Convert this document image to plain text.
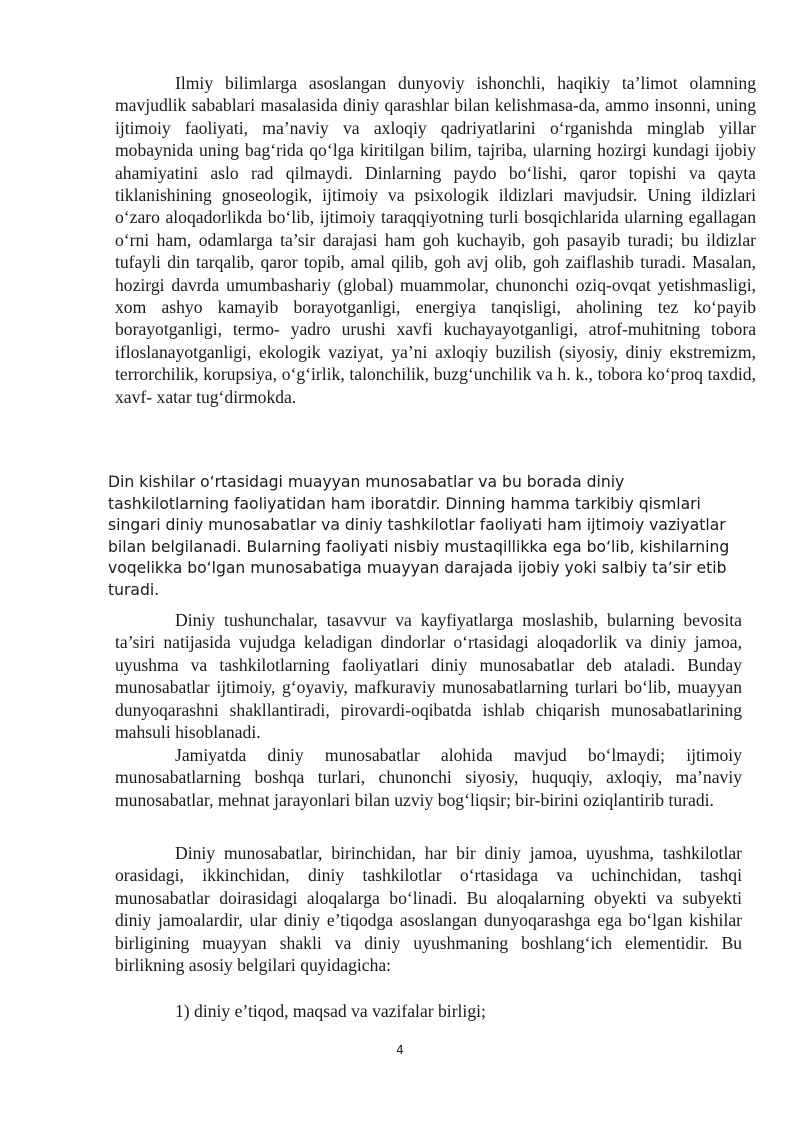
Ilmiy bilimlarga asoslangan dunyoviy ishonchli, haqikiy ta’limot olamning mavjudlik sabablari masalasida diniy qarashlar bilan kelishmasa-da, ammo insonni, uning ijtimoiy faoliyati, ma’naviy va axloqiy qadriyatlarini o‘rganishda minglab yillar mobaynida uning bag‘rida qo‘lga kiritilgan bilim, tajriba, ularning hozirgi kundagi ijobiy ahamiyatini aslo rad qilmaydi. Dinlarning paydo bo‘lishi, qaror topishi va qayta tiklanishining gnoseologik, ijtimoiy va psixologik ildizlari mavjudsir. Uning ildizlari o‘zaro aloqadorlikda bo‘lib, ijtimoiy taraqqiyotning turli bosqichlarida ularning egallagan o‘rni ham, odamlarga ta’sir darajasi ham goh kuchayib, goh pasayib turadi; bu ildizlar tufayli din tarqalib, qaror topib, amal qilib, goh avj olib, goh zaiflashib turadi. Masalan, hozirgi davrda umumbashariy (global) muammolar, chunonchi oziq-ovqat yetishmasligi, xom ashyo kamayib borayotganligi, energiya tanqisligi, aholining tez ko‘payib borayotganligi, termo- yadro urushi xavfi kuchayayotganligi, atrof-muhitning tobora ifloslanayotganligi, ekologik vaziyat, ya’ni axloqiy buzilish (siyosiy, diniy ekstremizm, terrorchilik, korupsiya, o‘g‘irlik, talonchilik, buzg‘unchilik va h. k., tobora ko‘proq taxdid, xavf- xatar tug‘dirmokda.

Din kishilar o‘rtasidagi muayyan munosabatlar va bu borada diniy tashkilotlarning faoliyatidan ham iboratdir. Dinning hamma tarkibiy qismlari singari diniy munosabatlar va diniy tashkilotlar faoliyati ham ijtimoiy vaziyatlar bilan belgilanadi. Bularning faoliyati nisbiy mustaqillikka ega bo‘lib, kishilarning voqelikka bo‘lgan munosabatiga muayyan darajada ijobiy yoki salbiy ta’sir etib turadi.

Diniy tushunchalar, tasavvur va kayfiyatlarga moslashib, bularning bevosita ta’siri natijasida vujudga keladigan dindorlar o‘rtasidagi aloqadorlik va diniy jamoa, uyushma va tashkilotlarning faoliyatlari diniy munosabatlar deb ataladi. Bunday munosabatlar ijtimoiy, g‘oyaviy, mafkuraviy munosabatlarning turlari bo‘lib, muayyan dunyoqarashni shakllantiradi, pirovardi-oqibatda ishlab chiqarish munosabatlarining mahsuli hisoblanadi.

Jamiyatda diniy munosabatlar alohida mavjud bo‘lmaydi; ijtimoiy munosabatlarning boshqa turlari, chunonchi siyosiy, huquqiy, axloqiy, ma’naviy munosabatlar, mehnat jarayonlari bilan uzviy bog‘liqsir; bir-birini oziqlantirib turadi.

Diniy munosabatlar, birinchidan, har bir diniy jamoa, uyushma, tashkilotlar orasidagi, ikkinchidan, diniy tashkilotlar o‘rtasidaga va uchinchidan, tashqi munosabatlar doirasidagi aloqalarga bo‘linadi. Bu aloqalarning obyekti va subyekti diniy jamoalardir, ular diniy e’tiqodga asoslangan dunyoqarashga ega bo‘lgan kishilar birligining muayyan shakli va diniy uyushmaning boshlang‘ich elementidir. Bu birlikning asosiy belgilari quyidagicha:

1) diniy e’tiqod, maqsad va vazifalar birligi;

4
